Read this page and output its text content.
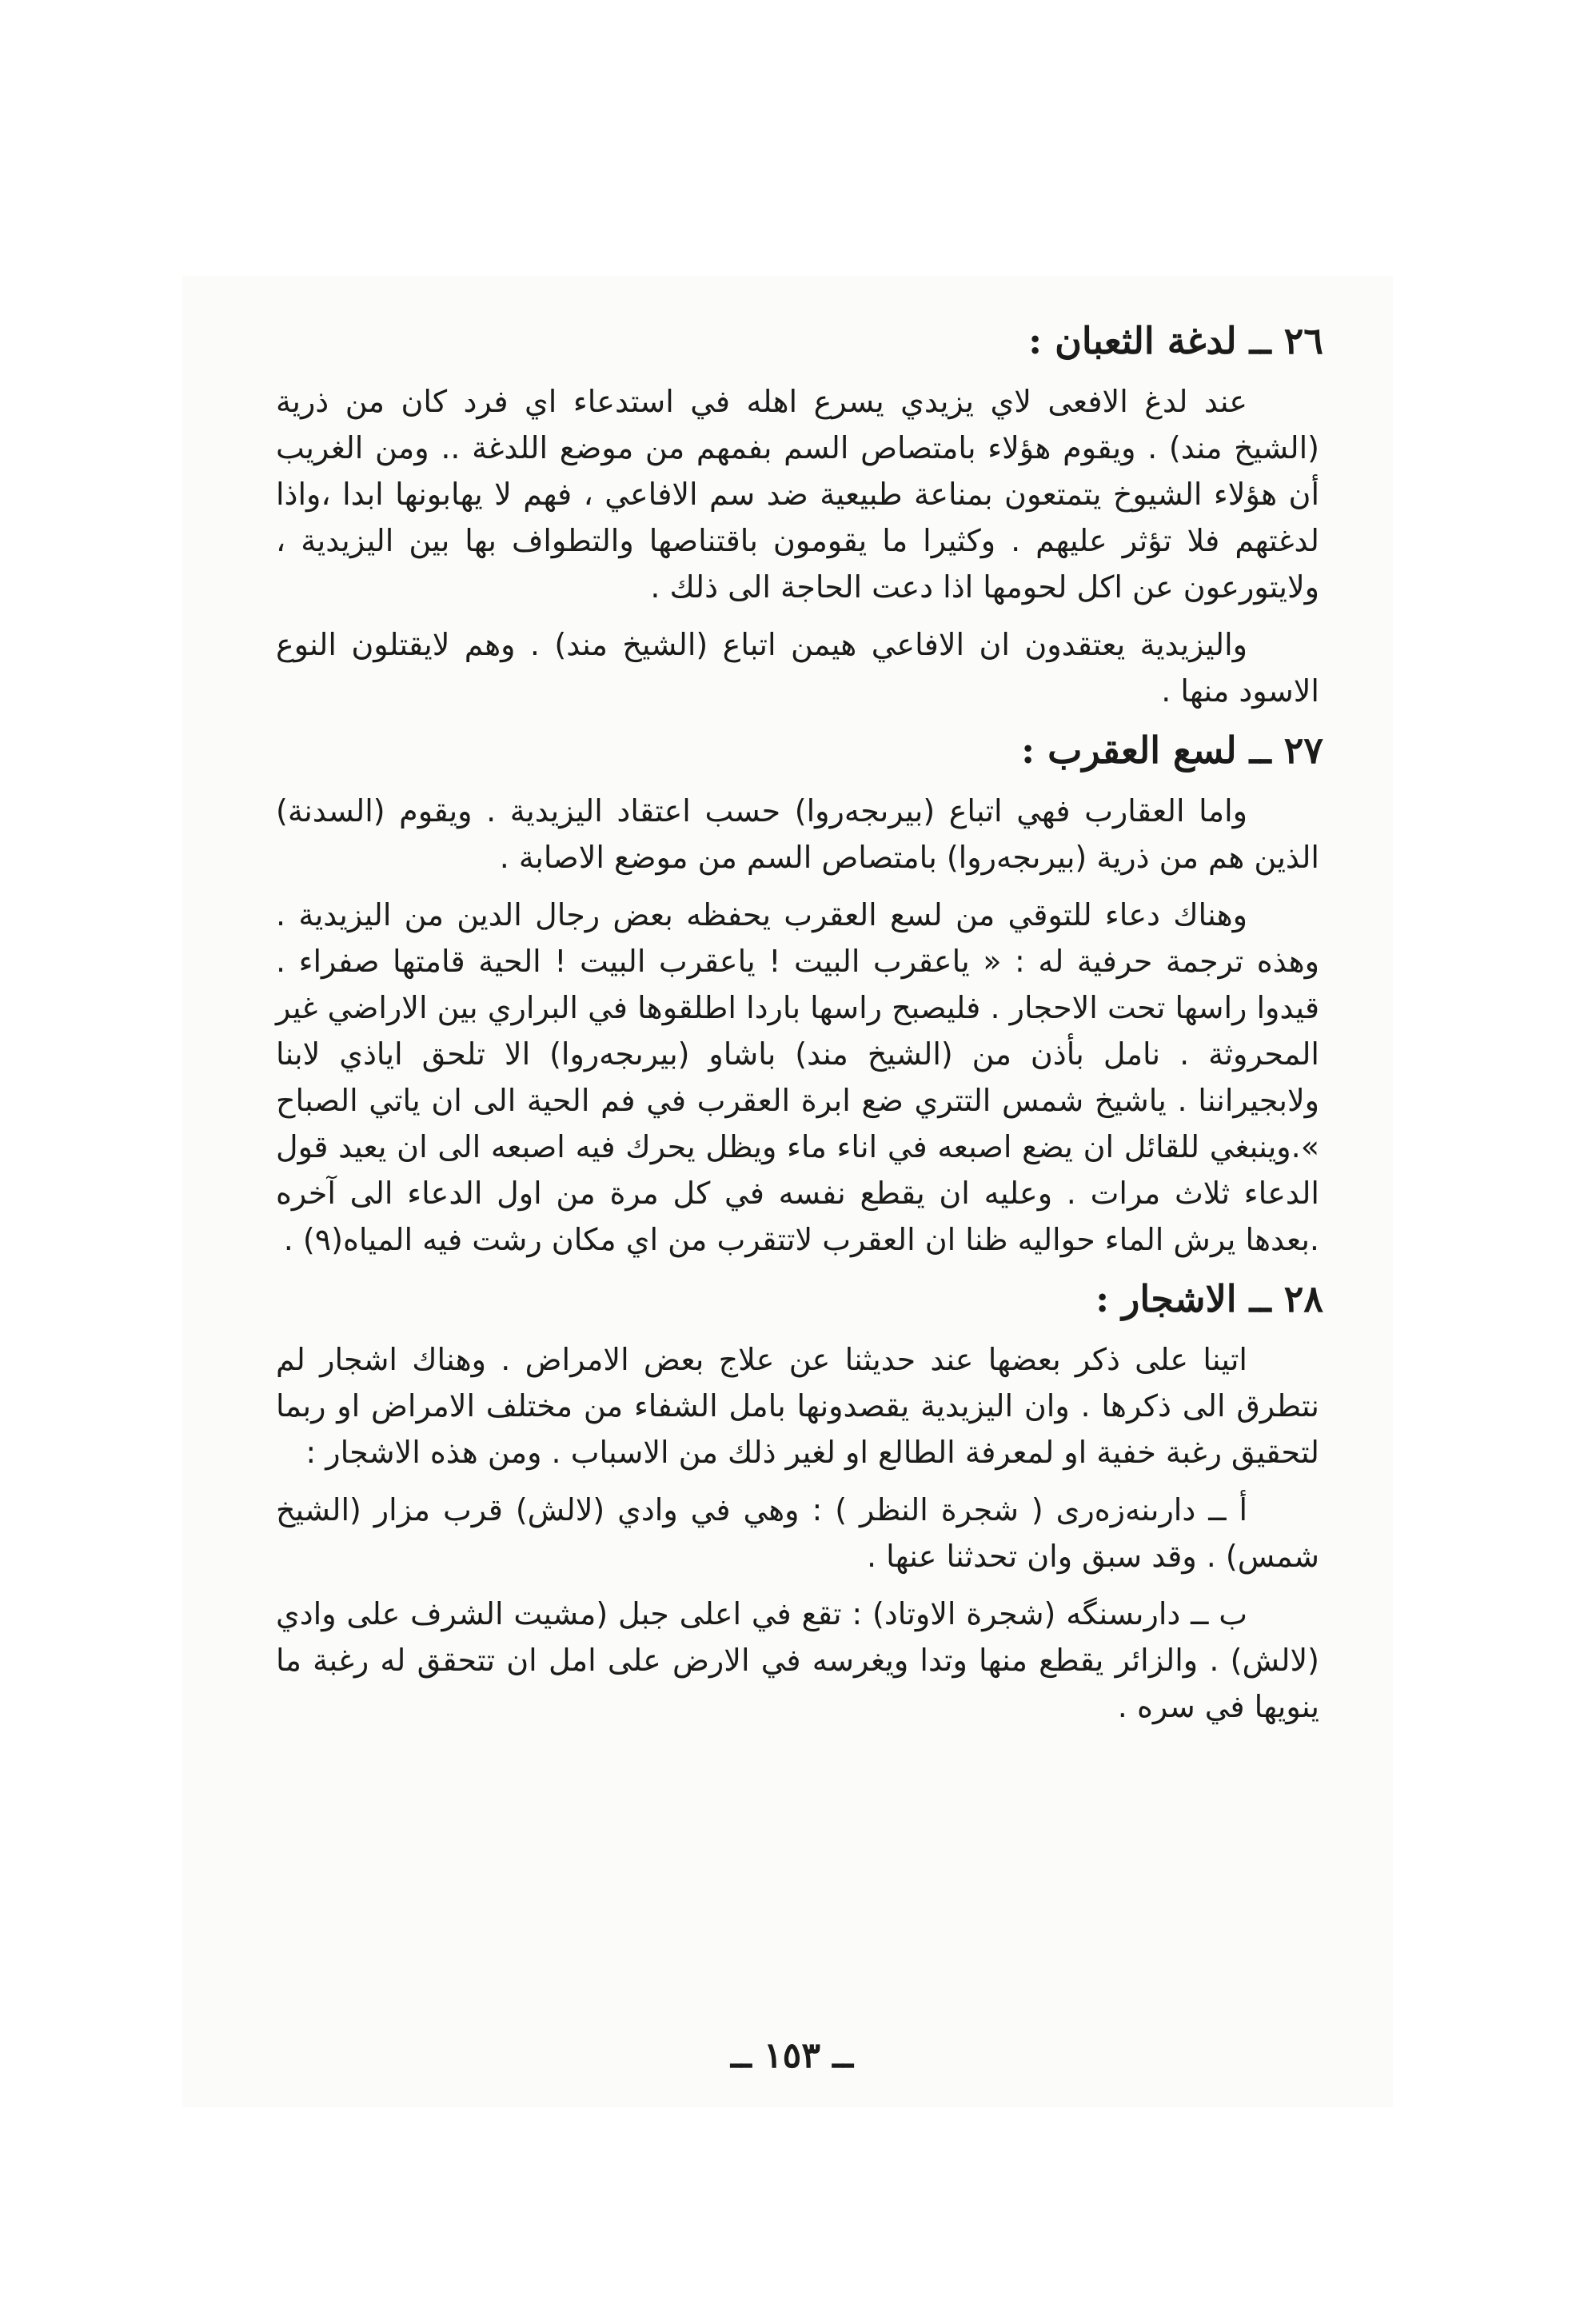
٢٦ ــ لدغة الثعبان :

عند لدغ الافعى لاي يزيدي يسرع اهله في استدعاء اي فرد كان من ذرية (الشيخ مند) . ويقوم هؤلاء بامتصاص السم بفمهم من موضع اللدغة .. ومن الغريب أن هؤلاء الشيوخ يتمتعون بمناعة طبيعية ضد سم الافاعي ، فهم لا يهابونها ابدا ،واذا لدغتهم فلا تؤثر عليهم . وكثيرا ما يقومون باقتناصها والتطواف بها بين اليزيدية ، ولايتورعون عن اكل لحومها اذا دعت الحاجة الى ذلك .

واليزيدية يعتقدون ان الافاعي هيمن اتباع (الشيخ مند) . وهم لايقتلون النوع الاسود منها .

٢٧ ــ لسع العقرب :

واما العقارب فهي اتباع (بيرىجەروا) حسب اعتقاد اليزيدية . ويقوم (السدنة) الذين هم من ذرية (بيرىجەروا) بامتصاص السم من موضع الاصابة .

وهناك دعاء للتوقي من لسع العقرب يحفظه بعض رجال الدين من اليزيدية . وهذه ترجمة حرفية له : « ياعقرب البيت ! ياعقرب البيت ! الحية قامتها صفراء . قيدوا راسها تحت الاحجار . فليصبح راسها باردا اطلقوها في البراري بين الاراضي غير المحروثة . نامل بأذن من (الشيخ مند) باشاو (بيرىجەروا) الا تلحق اياذي لابنا ولابجيراننا . ياشيخ شمس التتري ضع ابرة العقرب في فم الحية الى ان ياتي الصباح ».وينبغي للقائل ان يضع اصبعه في اناء ماء ويظل يحرك فيه اصبعه الى ان يعيد قول الدعاء ثلاث مرات . وعليه ان يقطع نفسه في كل مرة من اول الدعاء الى آخره .بعدها يرش الماء حواليه ظنا ان العقرب لاتتقرب من اي مكان رشت فيه المياه(٩) .

٢٨ ــ الاشجار :

اتينا على ذكر بعضها عند حديثنا عن علاج بعض الامراض . وهناك اشجار لم نتطرق الى ذكرها . وان اليزيدية يقصدونها بامل الشفاء من مختلف الامراض او ربما لتحقيق رغبة خفية او لمعرفة الطالع او لغير ذلك من الاسباب . ومن هذه الاشجار :

أ ــ دارىنەزەرى ( شجرة النظر ) : وهي في وادي (لالش) قرب مزار (الشيخ شمس) . وقد سبق وان تحدثنا عنها .

ب ــ دارىسنگه (شجرة الاوتاد) : تقع في اعلى جبل (مشيت الشرف على وادي (لالش) . والزائر يقطع منها وتدا ويغرسه في الارض على امل ان تتحقق له رغبة ما ينويها في سره .

ــ ١٥٣ ــ
